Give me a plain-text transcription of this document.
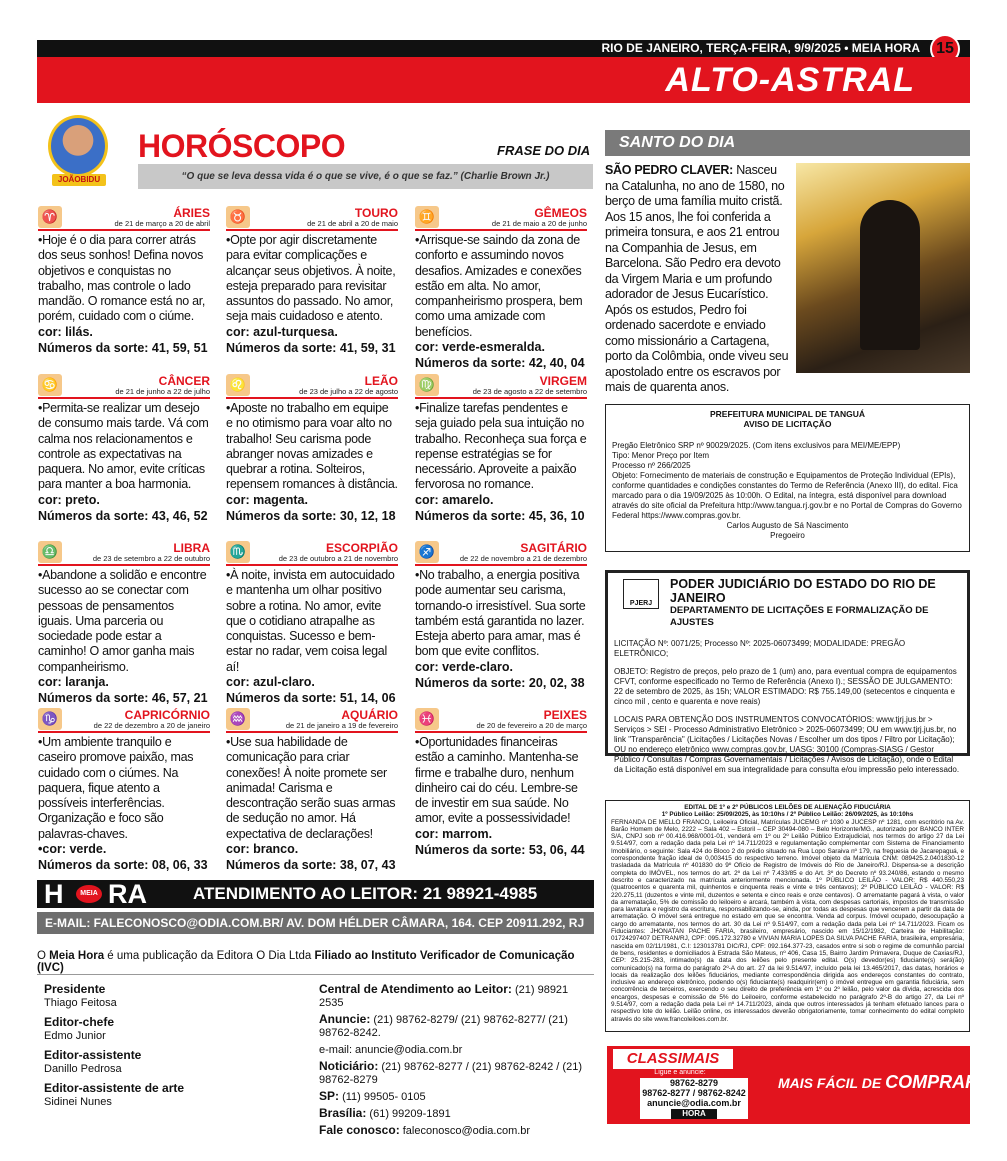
RIO DE JANEIRO, TERÇA-FEIRA, 9/9/2025 • MEIA HORA	15
ALTO-ASTRAL
JOÃOBIDU
HORÓSCOPO	FRASE DO DIA
“O que se leva dessa vida é o que se vive, é o que se faz.” (Charlie Brown Jr.)
♈	ÁRIES
de 21 de março a 20 de abril
•Hoje é o dia para correr atrás dos seus sonhos! Defina novos objetivos e conquistas no trabalho, mas controle o lado mandão. O romance está no ar, porém, cuidado com o ciúme.
cor: lilás.
Números da sorte: 41, 59, 51
♉	TOURO
de 21 de abril a 20 de maio
•Opte por agir discretamente para evitar complicações e alcançar seus objetivos. À noite, esteja preparado para revisitar assuntos do passado. No amor, seja mais cuidadoso e atento.
cor: azul-turquesa.
Números da sorte: 41, 59, 31
♊	GÊMEOS
de 21 de maio a 20 de junho
•Arrisque-se saindo da zona de conforto e assumindo novos desafios. Amizades e conexões estão em alta. No amor, companheirismo prospera, bem como uma amizade com benefícios.
cor: verde-esmeralda.
Números da sorte: 42, 40, 04
♋	CÂNCER
de 21 de junho a 22 de julho
•Permita-se realizar um desejo de consumo mais tarde. Vá com calma nos relacionamentos e controle as expectativas na paquera. No amor, evite críticas para manter a boa harmonia.
cor: preto.
Números da sorte: 43, 46, 52
♌	LEÃO
de 23 de julho a 22 de agosto
•Aposte no trabalho em equipe e no otimismo para voar alto no trabalho! Seu carisma pode abranger novas amizades e quebrar a rotina. Solteiros, repensem romances à distância.
cor: magenta.
Números da sorte: 30, 12, 18
♍	VIRGEM
de 23 de agosto a 22 de setembro
•Finalize tarefas pendentes e seja guiado pela sua intuição no trabalho. Reconheça sua força e repense estratégias se for necessário. Aproveite a paixão fervorosa no romance.
cor: amarelo.
Números da sorte: 45, 36, 10
♎	LIBRA
de 23 de setembro a 22 de outubro
•Abandone a solidão e encontre sucesso ao se conectar com pessoas de pensamentos iguais. Uma parceria ou sociedade pode estar a caminho! O amor ganha mais companheirismo.
cor: laranja.
Números da sorte: 46, 57, 21
♏	ESCORPIÃO
de 23 de outubro a 21 de novembro
•À noite, invista em autocuidado e mantenha um olhar positivo sobre a rotina. No amor, evite que o cotidiano atrapalhe as conquistas. Sucesso e bem-estar no radar, vem coisa legal aí!
cor: azul-claro.
Números da sorte: 51, 14, 06
♐	SAGITÁRIO
de 22 de novembro a 21 de dezembro
•No trabalho, a energia positiva pode aumentar seu carisma, tornando-o irresistível. Sua sorte também está garantida no lazer. Esteja aberto para amar, mas é bom que evite conflitos.
cor: verde-claro.
Números da sorte: 20, 02, 38
♑	CAPRICÓRNIO
de 22 de dezembro a 20 de janeiro
•Um ambiente tranquilo e caseiro promove paixão, mas cuidado com o ciúmes. Na paquera, fique atento a possíveis interferências. Organização e foco são palavras-chaves.
•cor: verde.
Números da sorte: 08, 06, 33
♒	AQUÁRIO
de 21 de janeiro a 19 de fevereiro
•Use sua habilidade de comunicação para criar conexões! À noite promete ser animada! Carisma e descontração serão suas armas de sedução no amor. Há expectativa de declarações!
cor: branco.
Números da sorte: 38, 07, 43
♓	PEIXES
de 20 de fevereiro a 20 de março
•Oportunidades financeiras estão a caminho. Mantenha-se firme e trabalhe duro, nenhum dinheiro cai do céu. Lembre-se de investir em sua saúde. No amor, evite a possessividade!
cor: marrom.
Números da sorte: 53, 06, 44
H	MEIA RA	ATENDIMENTO AO LEITOR: 21 98921-4985
E-MAIL: FALECONOSCO@ODIA.COM.BR/ AV. DOM HÉLDER CÂMARA, 164. CEP 20911.292, RJ
O Meia Hora é uma publicação da Editora O Dia Ltda Filiado ao Instituto Verificador de Comunicação (IVC)
Presidente
Thiago Feitosa
Editor-chefe
Edmo Junior
Editor-assistente
Danillo Pedrosa
Editor-assistente de arte
Sidinei Nunes
Central de Atendimento ao Leitor: (21) 98921 2535
Anuncie: (21) 98762-8279/ (21) 98762-8277/ (21) 98762-8242.
e-mail: anuncie@odia.com.br
Noticiário: (21) 98762-8277 / (21) 98762-8242 / (21) 98762-8279
SP: (11) 99505- 0105
Brasília: (61) 99209-1891
Fale conosco: faleconosco@odia.com.br
SANTO DO DIA
SÃO PEDRO CLAVER: Nasceu na Catalunha, no ano de 1580, no berço de uma família muito cristã. Aos 15 anos, lhe foi conferida a primeira tonsura, e aos 21 entrou na Companhia de Jesus, em Barcelona. São Pedro era devoto da Virgem Maria e um profundo adorador de Jesus Eucarístico. Após os estudos, Pedro foi ordenado sacerdote e enviado como missionário a Cartagena, porto da Colômbia, onde viveu seu apostolado entre os escravos por mais de quarenta anos.
PREFEITURA MUNICIPAL DE TANGUÁ
AVISO DE LICITAÇÃO
Pregão Eletrônico SRP nº 90029/2025. (Com itens exclusivos para MEI/ME/EPP)
Tipo: Menor Preço por Item
Processo nº 266/2025
Objeto: Fornecimento de materiais de construção e Equipamentos de Proteção Individual (EPIs), conforme quantidades e condições constantes do Termo de Referência (Anexo III), do edital. Fica marcado para o dia 19/09/2025 às 10:00h. O Edital, na íntegra, está disponível para download através do site oficial da Prefeitura http://www.tangua.rj.gov.br e no Portal de Compras do Governo Federal https://www.compras.gov.br.
Carlos Augusto de Sá Nascimento
Pregoeiro
PJERJ
PODER JUDICIÁRIO DO ESTADO DO RIO DE JANEIRO
DEPARTAMENTO DE LICITAÇÕES E FORMALIZAÇÃO DE AJUSTES
LICITAÇÃO Nº: 0071/25; Processo Nº: 2025-06073499; MODALIDADE: PREGÃO ELETRÔNICO;
OBJETO: Registro de preços, pelo prazo de 1 (um) ano, para eventual compra de equipamentos CFVT, conforme especificado no Termo de Referência (Anexo I).; SESSÃO DE JULGAMENTO: 22 de setembro de 2025, às 15h; VALOR ESTIMADO: R$ 755.149,00 (setecentos e cinquenta e cinco mil , cento e quarenta e nove reais)
LOCAIS PARA OBTENÇÃO DOS INSTRUMENTOS CONVOCATÓRIOS: www.tjrj.jus.br > Serviços > SEI - Processo Administrativo Eletrônico > 2025-06073499; OU em www.tjrj.jus.br, no link "Transparência" (Licitações / Licitações Novas / Escolher um dos tipos / Filtro por Licitação); OU no endereço eletrônico www.compras.gov.br, UASG: 30100 (Compras-SIASG / Gestor Público / Consultas / Compras Governamentais / Licitações / Avisos de Licitação), onde o Edital da Licitação está disponível em sua integralidade para consulta e/ou impressão pelo interessado.
EDITAL DE 1º e 2º PÚBLICOS LEILÕES DE ALIENAÇÃO FIDUCIÁRIA
1º Público Leilão: 25/09/2025, às 10:10hs / 2º Público Leilão: 26/09/2025, às 10:10hs
FERNANDA DE MELLO FRANCO, Leiloeira Oficial, Matrículas JUCEMG nº 1030 e JUCESP nº 1281, com escritório na Av. Barão Homem de Melo, 2222 – Sala 402 – Estoril – CEP 30494-080 – Belo Horizonte/MG., autorizado por BANCO INTER S/A, CNPJ sob nº 00.416.968/0001-01, venderá em 1º ou 2º Leilão Público Extrajudicial, nos termos do artigo 27 da Lei 9.514/97, com a redação dada pela Lei nº 14.711/2023 e regulamentação complementar com Sistema de Financiamento Imobiliário, o seguinte: Sala 424 do Bloco 2 do prédio situado na Rua Lopo Saraiva nº 179, na freguesia de Jacarepaguá, e correspondente fração ideal de 0,003415 do respectivo terreno. Imóvel objeto da Matrícula CNM: 089425.2.0401830-12 trasladada da Matrícula nº 401830 do 9º Ofício de Registro de Imóveis do Rio de Janeiro/RJ. Dispensa-se a descrição completa do IMÓVEL, nos termos do art. 2º da Lei nº 7.433/85 e do Art. 3º do Decreto nº 93.240/86, estando o mesmo descrito e caracterizado na matrícula anteriormente mencionada. 1º PÚBLICO LEILÃO - VALOR: R$ 440.550,23 (quatrocentos e quarenta mil, quinhentos e cinquenta reais e vinte e três centavos); 2º PÚBLICO LEILÃO - VALOR: R$ 220.275,11 (duzentos e vinte mil, duzentos e setenta e cinco reais e onze centavos). O arrematante pagará à vista, o valor da arrematação, 5% de comissão do leiloeiro e arcará, também à vista, com despesas cartoriais, impostos de transmissão para lavratura e registro da escritura, responsabilizando-se, ainda, por todas as despesas que vencerem a partir da data de arrematação. O imóvel será entregue no estado em que se encontra. Venda ad corpus. Imóvel ocupado, desocupação a cargo do arrematante, nos termos do art. 30 da Lei nº 9.514/97, com a redação dada pela Lei nº 14.711/2023. Ficam os Fiduciantes: JHONATAN PACHE FARIA, brasileiro, empresário, nascido em 15/12/1982, Carteira de Habilitação: 01724297407 DETRAN/RJ, CPF: 095.172.327​80 e VIVIAN MARIA LOPES DA SILVA PACHE FARIA, brasileira, empresária, nascida em 02/11/1981, C.I: 123013781 DIC/RJ, CPF: 092.164.377-23, casados entre si sob o regime de comunhão parcial de bens, residentes e domiciliados à Estrada São Mateus, nº 406, Casa 15, Bairro Jardim Primavera, Duque de Caxias/RJ, CEP: 25.215-283, intimado(s) da data dos leilões pelo presente edital. O(s) devedor(es) fiduciante(s) será(ão) comunicado(s) na forma do parágrafo 2º-A do art. 27 da lei 9.514/97, incluído pela lei 13.465/2017, das datas, horários e locais da realização dos leilões fiduciários, mediante correspondência dirigida aos endereços constantes do contrato, inclusive ao endereço eletrônico, podendo o(s) fiduciante(s) readquirir(em) o imóvel entregue em garantia fiduciária, sem concorrência de terceiros, exercendo o seu direito de preferência em 1º ou 2º leilão, pelo valor da dívida, acrescida dos encargos, despesas e comissão de 5% do Leiloeiro, conforme estabelecido no parágrafo 2º-B do artigo 27, da Lei nº 9.514/97, com a redação dada pela Lei nº 14.711/2023, ainda que outros interessados já tenham efetuado lances para o respectivo lote do leilão. Leilão online, os interessados deverão obrigatoriamente, tomar conhecimento do edital completo através do site www.francoleiloes.com.br.
CLASSIMAIS
Ligue e anuncie:
98762-8279
98762-8277 / 98762-8242
anuncie@odia.com.br
HORA
MAIS FÁCIL DE COMPRAR.
